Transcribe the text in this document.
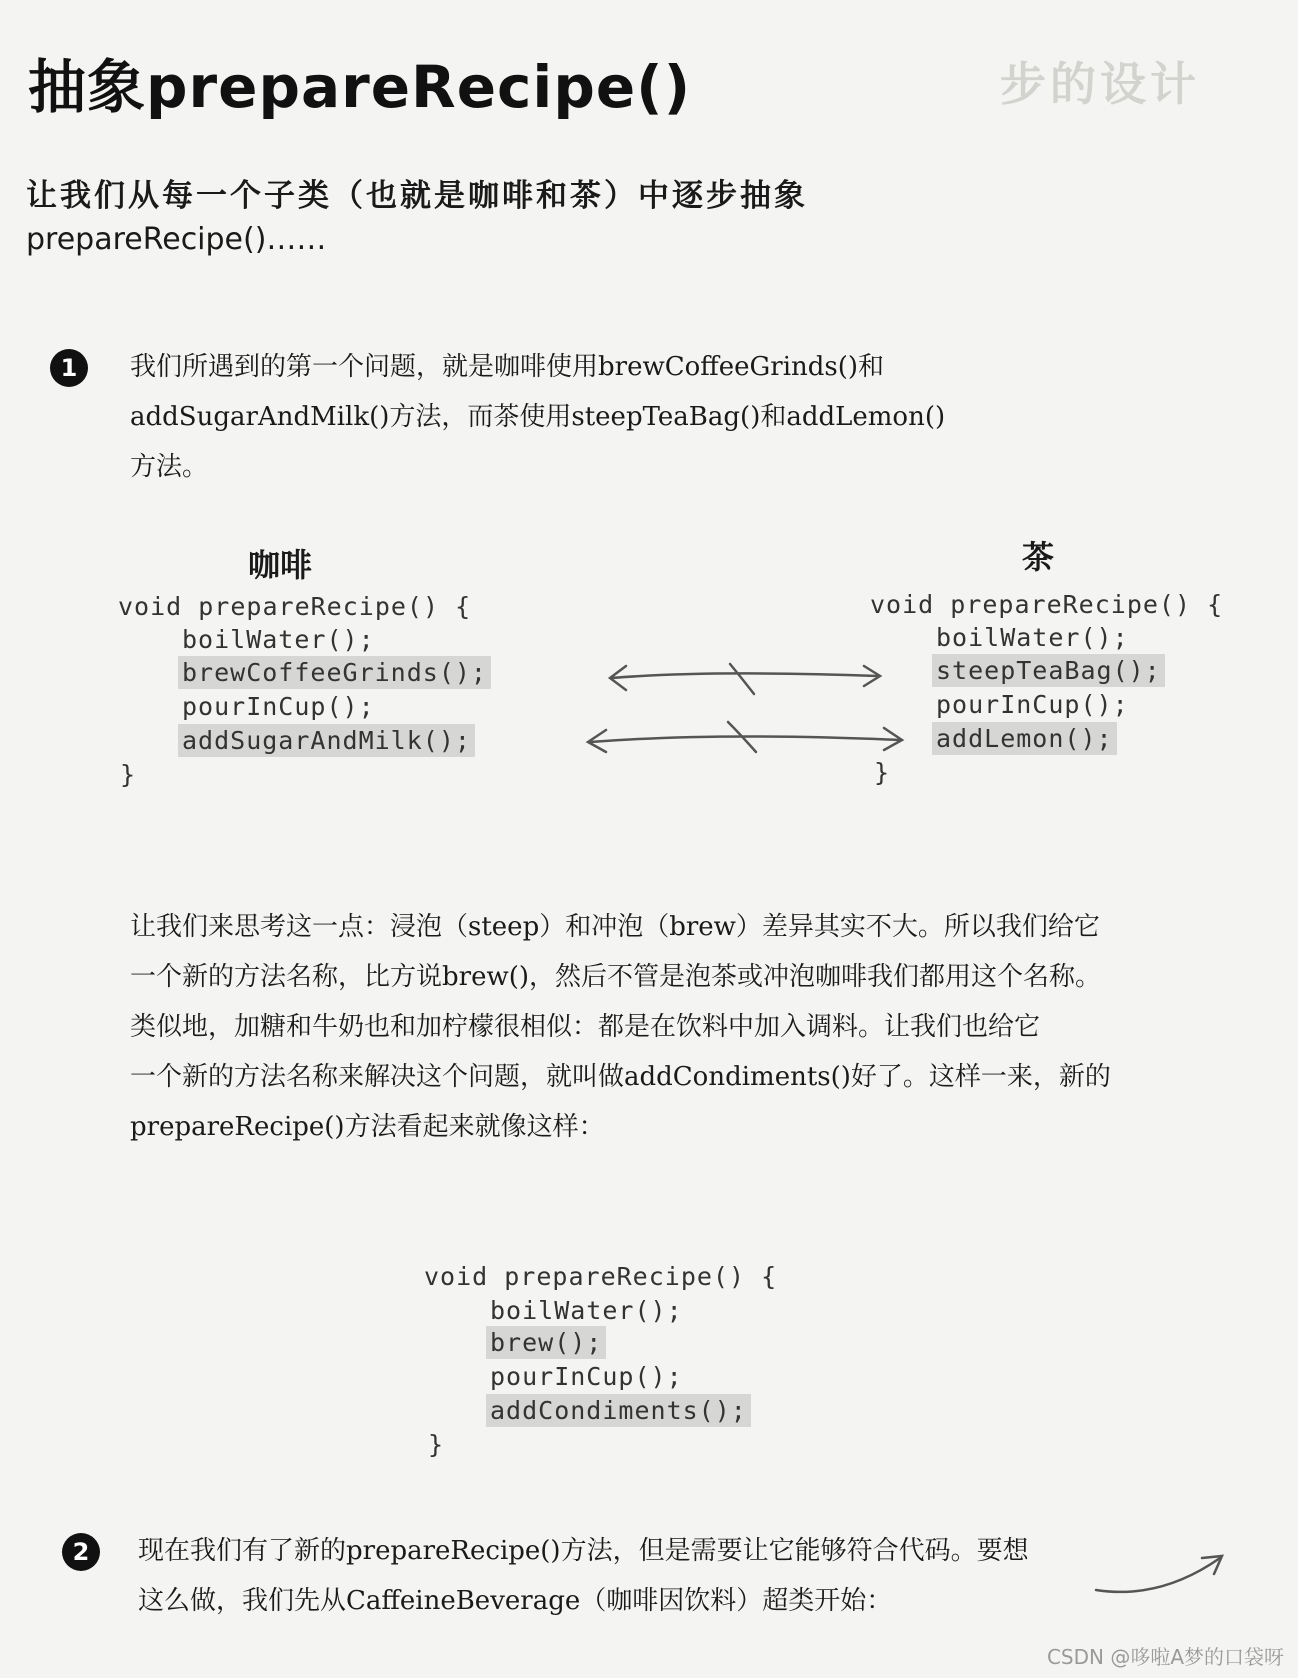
步的设计
抽象prepareRecipe()
让我们从每一个子类（也就是咖啡和茶）中逐步抽象
prepareRecipe()……
1	我们所遇到的第一个问题，就是咖啡使用brewCoffeeGrinds()和
addSugarAndMilk()方法，而茶使用steepTeaBag()和addLemon()
方法。
咖啡
void prepareRecipe() {
boilWater();
brewCoffeeGrinds();
pourInCup();
addSugarAndMilk();
}
茶
void prepareRecipe() {
boilWater();
steepTeaBag();
pourInCup();
addLemon();
}
让我们来思考这一点：浸泡（steep）和冲泡（brew）差异其实不大。所以我们给它
一个新的方法名称，比方说brew()，然后不管是泡茶或冲泡咖啡我们都用这个名称。
类似地，加糖和牛奶也和加柠檬很相似：都是在饮料中加入调料。让我们也给它
一个新的方法名称来解决这个问题，就叫做addCondiments()好了。这样一来，新的
prepareRecipe()方法看起来就像这样：
void prepareRecipe() {
boilWater();
brew();
pourInCup();
addCondiments();
}
2	现在我们有了新的prepareRecipe()方法，但是需要让它能够符合代码。要想
这么做，我们先从CaffeineBeverage（咖啡因饮料）超类开始：
CSDN @哆啦A梦的口袋呀
